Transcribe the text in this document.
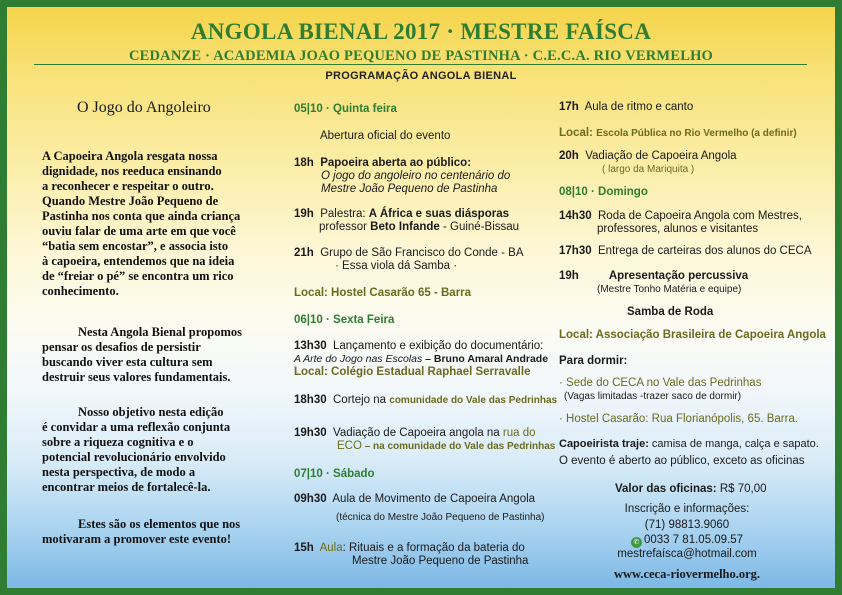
ANGOLA BIENAL 2017 · MESTRE FAÍSCA
CEDANZE · ACADEMIA JOAO PEQUENO DE PASTINHA · C.E.C.A. RIO VERMELHO
PROGRAMAÇÃO ANGOLA BIENAL
O Jogo do Angoleiro
A Capoeira Angola resgata nossa
dignidade, nos reeduca ensinando
a reconhecer e respeitar o outro.
Quando Mestre João Pequeno de
Pastinha nos conta que ainda criança
ouviu falar de uma arte em que você
“batia sem encostar”, e associa isto
à capoeira, entendemos que na ideia
de “freiar o pé” se encontra um rico
conhecimento.
Nesta Angola Bienal propomos
pensar os desafios de persistir
buscando viver esta cultura sem
destruir seus valores fundamentais.
Nosso objetivo nesta edição
é convidar a uma reflexão conjunta
sobre a riqueza cognitiva e o
potencial revolucionário envolvido
nesta perspectiva, de modo a
encontrar meios de fortalecê-la.
Estes são os elementos que nos
motivaram a promover este evento!
05|10 · Quinta feira
Abertura oficial do evento
18h Papoeira aberta ao público:
O jogo do angoleiro no centenário do
Mestre João Pequeno de Pastinha
19h Palestra: A África e suas diásporas
professor Beto Infande - Guiné-Bissau
21h Grupo de São Francisco do Conde - BA
· Essa viola dá Samba ·
Local: Hostel Casarão 65 - Barra
06|10 · Sexta Feira
13h30 Lançamento e exibição do documentário:
A Arte do Jogo nas Escolas – Bruno Amaral Andrade
Local: Colégio Estadual Raphael Serravalle
18h30 Cortejo na comunidade do Vale das Pedrinhas
19h30 Vadiação de Capoeira angola na rua do
ECO – na comunidade do Vale das Pedrinhas
07|10 · Sábado
09h30 Aula de Movimento de Capoeira Angola
(técnica do Mestre João Pequeno de Pastinha)
15h Aula: Rituais e a formação da bateria do
Mestre João Pequeno de Pastinha
17h Aula de ritmo e canto
Local: Escola Pública no Rio Vermelho (a definir)
20h Vadiação de Capoeira Angola
( largo da Mariquita )
08|10 · Domingo
14h30 Roda de Capoeira Angola com Mestres,
professores, alunos e visitantes
17h30 Entrega de carteiras dos alunos do CECA
19h	Apresentação percussiva
(Mestre Tonho Matéria e equipe)
Samba de Roda
Local: Associação Brasileira de Capoeira Angola
Para dormir:
· Sede do CECA no Vale das Pedrinhas
(Vagas limitadas -trazer saco de dormir)
· Hostel Casarão: Rua Florianópolis, 65. Barra.
Capoeirista traje: camisa de manga, calça e sapato.
O evento é aberto ao público, exceto as oficinas
Valor das oficinas: R$ 70,00
Inscrição e informações:
(71) 98813.9060
✆ 0033 7 81.05.09.57
mestrefaísca@hotmail.com
www.ceca-riovermelho.org.
